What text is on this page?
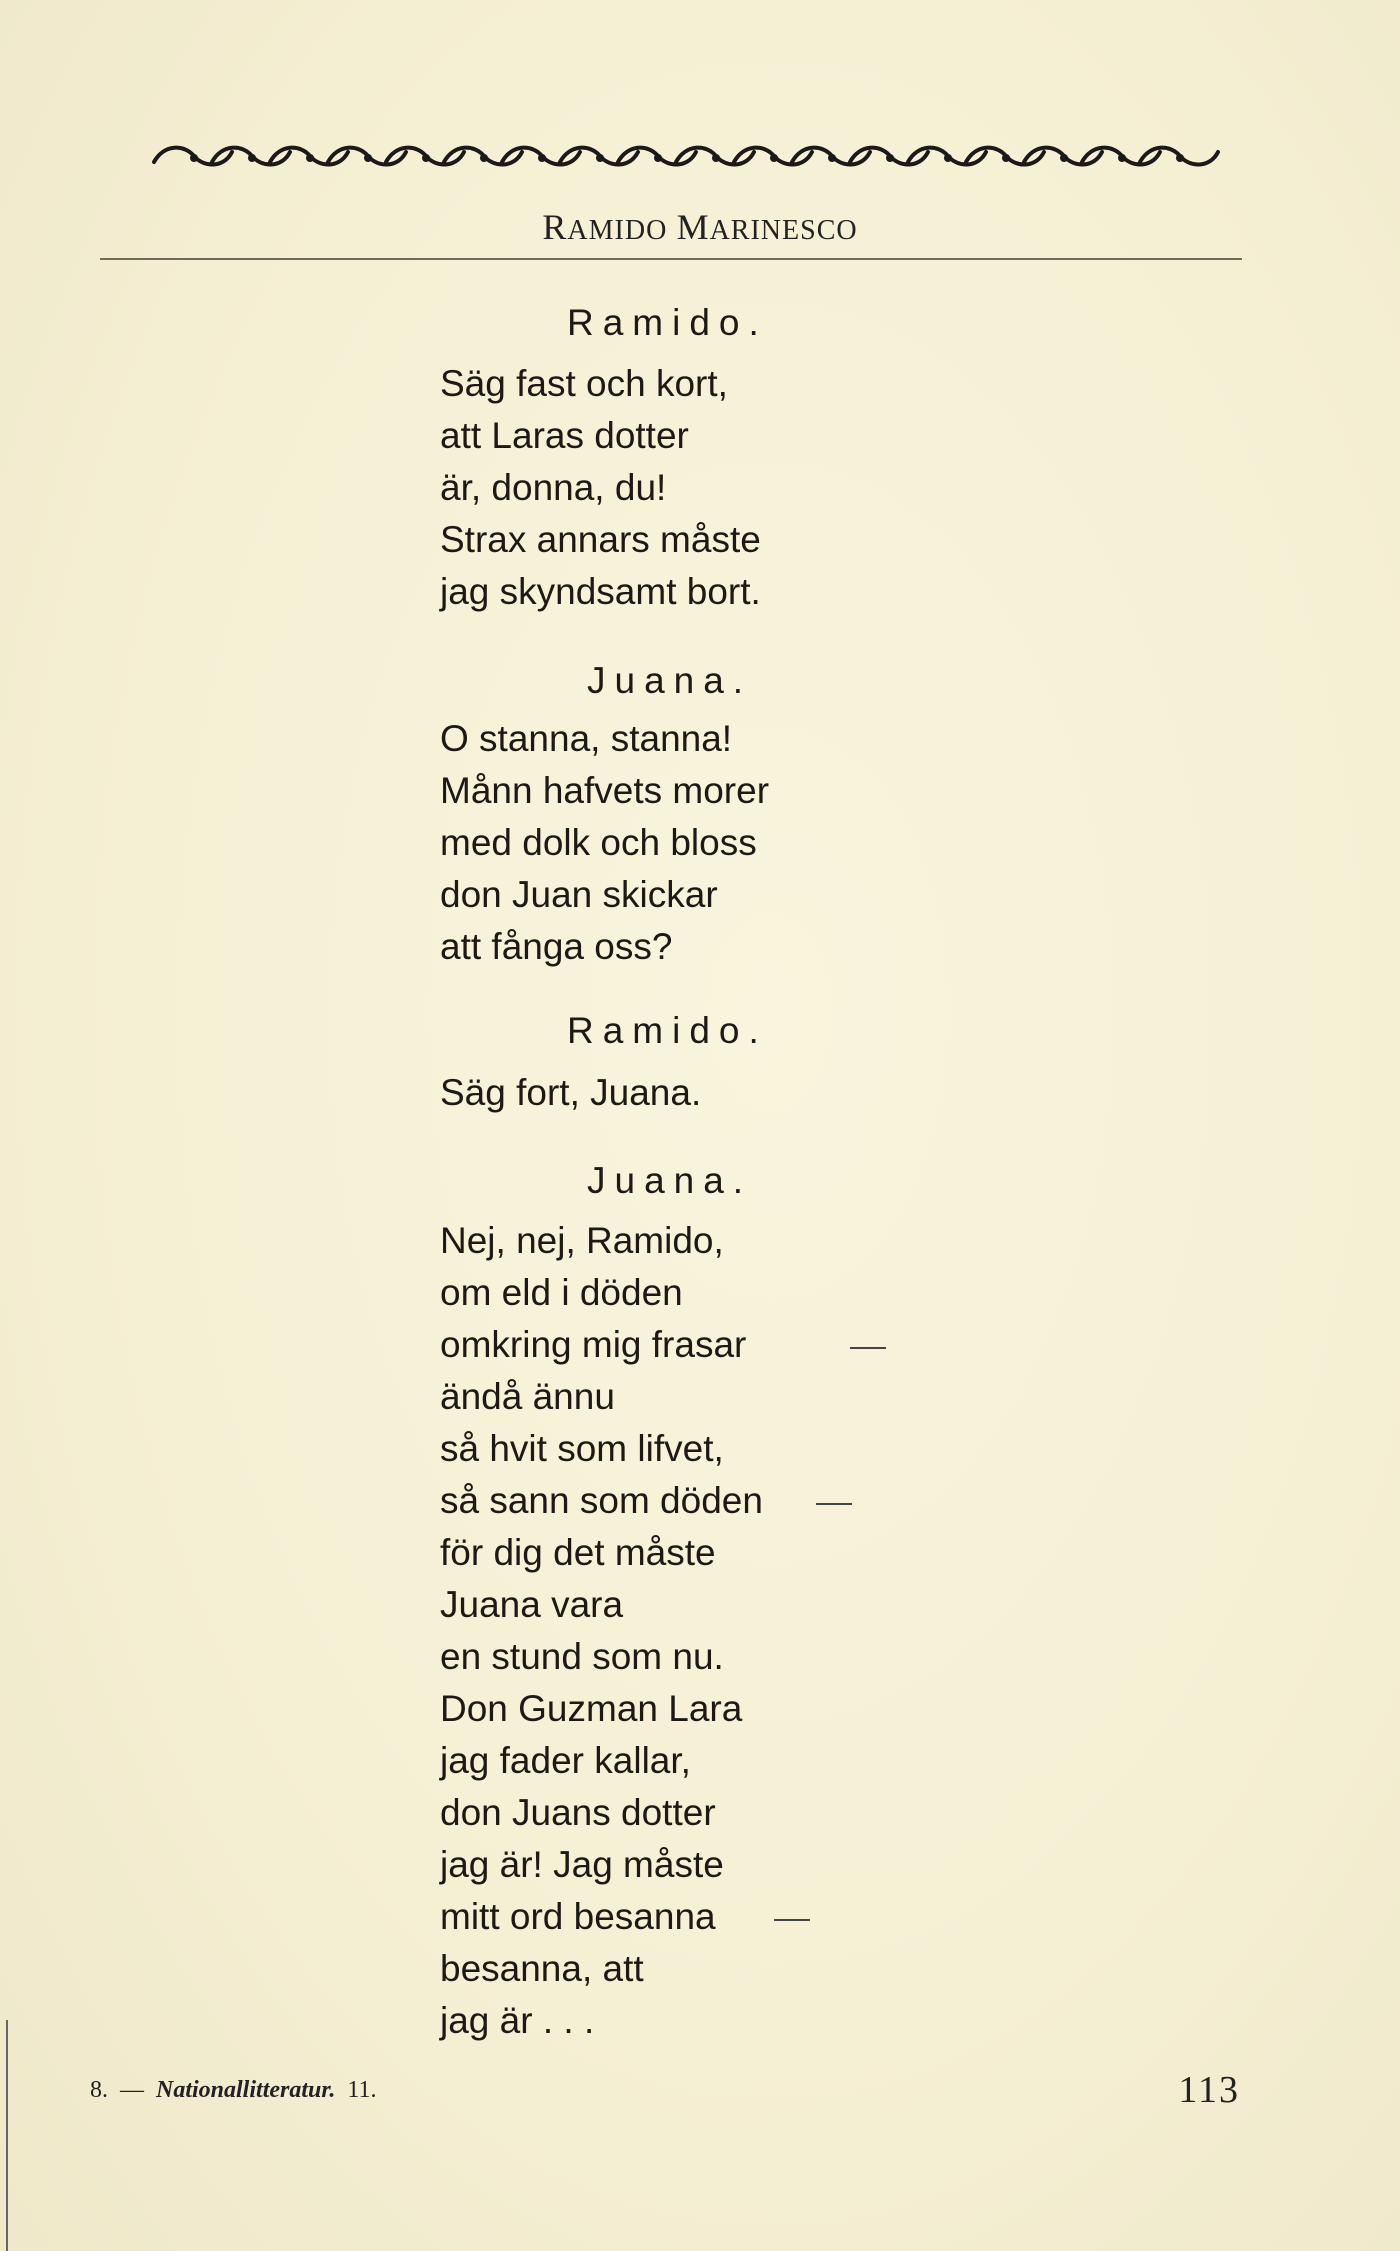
RAMIDO MARINESCO
Ramido.
Säg fast och kort,
att Laras dotter
är, donna, du!
Strax annars måste
jag skyndsamt bort.
Juana.
O stanna, stanna!
Månn hafvets morer
med dolk och bloss
don Juan skickar
att fånga oss?
Ramido.
Säg fort, Juana.
Juana.
Nej, nej, Ramido,
om eld i döden
omkring mig frasar
ändå ännu
så hvit som lifvet,
så sann som döden
för dig det måste
Juana vara
en stund som nu.
Don Guzman Lara
jag fader kallar,
don Juans dotter
jag är! Jag måste
mitt ord besanna
besanna, att
jag är . . .
8. — Nationallitteratur. 11.	113
